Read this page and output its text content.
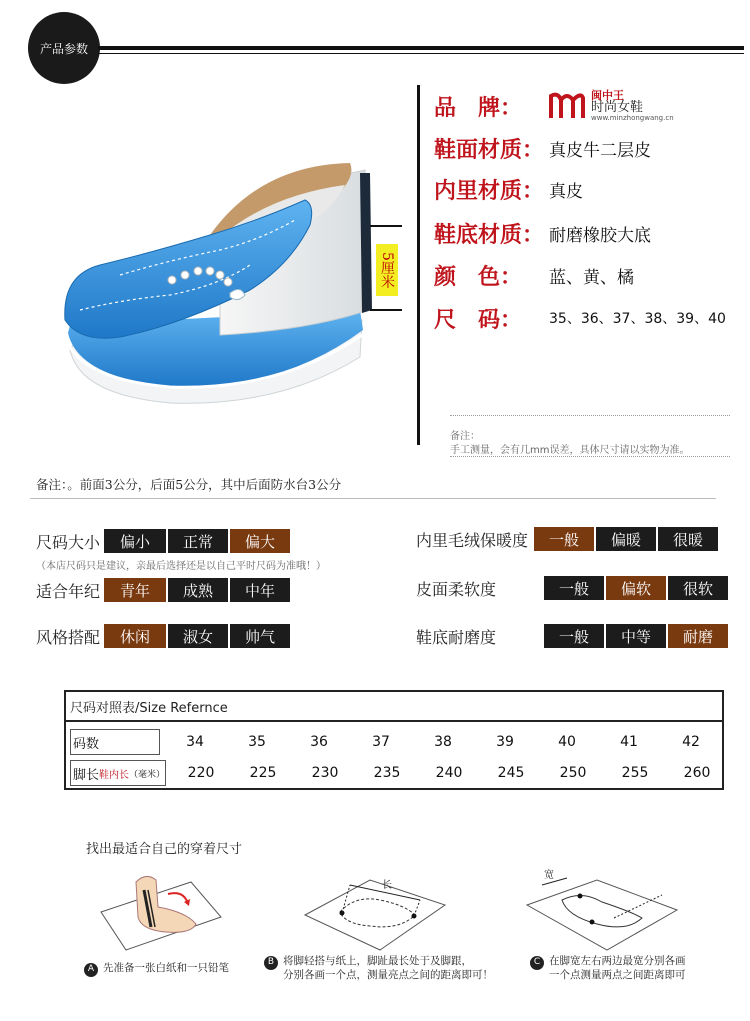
产品参数
5厘米
品　牌：
闽中王
时尚女鞋
www.minzhongwang.cn
鞋面材质： 真皮牛二层皮
内里材质： 真皮
鞋底材质： 耐磨橡胶大底
颜　色：	蓝、黄、橘
尺　码：	35、36、37、38、39、40
备注：
手工测量，会有几mm误差，具体尺寸请以实物为准。
备注：。前面3公分，后面5公分，其中后面防水台3公分
尺码大小	偏小	正常	偏大
（本店尺码只是建议，亲最后选择还是以自己平时尺码为准哦！）
适合年纪	青年	成熟	中年
风格搭配	休闲	淑女	帅气
内里毛绒保暖度	一般	偏暖	很暖
皮面柔软度	一般	偏软	很软
鞋底耐磨度	一般	中等	耐磨
尺码对照表/Size Refernce
码数	34	35	36	37	38	39	40	41	42
脚长 鞋内长 （毫米）	220	225	230	235	240	245	250	255	260
找出最适合自己的穿着尺寸
长
宽
A 先准备一张白纸和一只铅笔	B 将脚轻搭与纸上，脚趾最长处于及脚跟，
分别各画一个点，测量亮点之间的距离即可！
C 在脚宽左右两边最宽分别各画
一个点测量两点之间距离即可
